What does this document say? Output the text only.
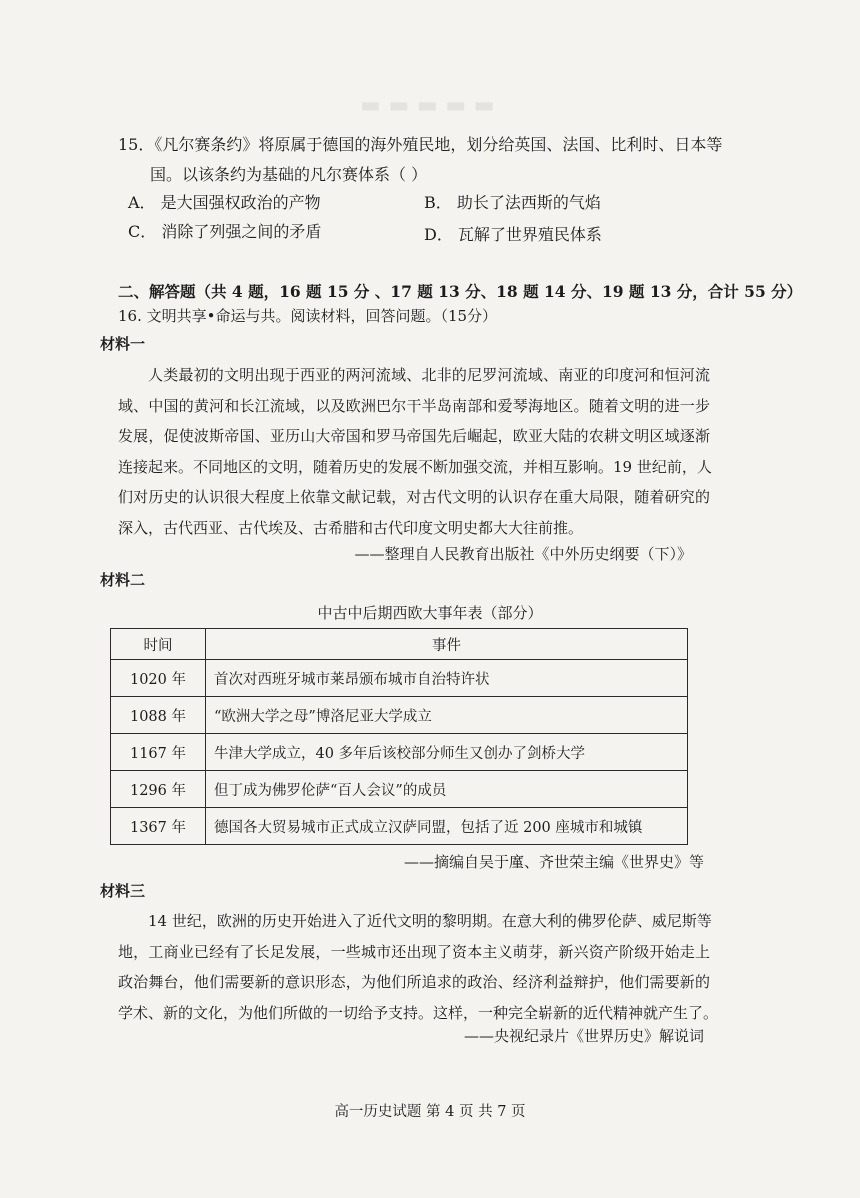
▬ ▬ ▬ ▬ ▬
15．《凡尔赛条约》将原属于德国的海外殖民地，划分给英国、法国、比利时、日本等
国。以该条约为基础的凡尔赛体系（ ）
A． 是大国强权政治的产物	B． 助长了法西斯的气焰
C． 消除了列强之间的矛盾	D． 瓦解了世界殖民体系
二、解答题（共 4 题，16 题 15 分 、17 题 13 分、18 题 14 分、19 题 13 分，合计 55 分）
16. 文明共享•命运与共。阅读材料，回答问题。（15分）
材料一
人类最初的文明出现于西亚的两河流域、北非的尼罗河流域、南亚的印度河和恒河流
域、中国的黄河和长江流域，以及欧洲巴尔干半岛南部和爱琴海地区。随着文明的进一步
发展，促使波斯帝国、亚历山大帝国和罗马帝国先后崛起，欧亚大陆的农耕文明区域逐渐
连接起来。不同地区的文明，随着历史的发展不断加强交流，并相互影响。19 世纪前，人
们对历史的认识很大程度上依靠文献记载，对古代文明的认识存在重大局限，随着研究的
深入，古代西亚、古代埃及、古希腊和古代印度文明史都大大往前推。
——整理自人民教育出版社《中外历史纲要（下）》
材料二
中古中后期西欧大事年表（部分）
时间	事件
1020 年	首次对西班牙城市莱昂颁布城市自治特许状
1088 年	“欧洲大学之母”博洛尼亚大学成立
1167 年	牛津大学成立，40 多年后该校部分师生又创办了剑桥大学
1296 年	但丁成为佛罗伦萨“百人会议”的成员
1367 年	德国各大贸易城市正式成立汉萨同盟，包括了近 200 座城市和城镇
——摘编自吴于廑、齐世荣主编《世界史》等
材料三
14 世纪，欧洲的历史开始进入了近代文明的黎明期。在意大利的佛罗伦萨、威尼斯等
地，工商业已经有了长足发展，一些城市还出现了资本主义萌芽，新兴资产阶级开始走上
政治舞台，他们需要新的意识形态，为他们所追求的政治、经济利益辩护，他们需要新的
学术、新的文化，为他们所做的一切给予支持。这样，一种完全崭新的近代精神就产生了。
——央视纪录片《世界历史》解说词
高一历史试题 第 4 页 共 7 页
